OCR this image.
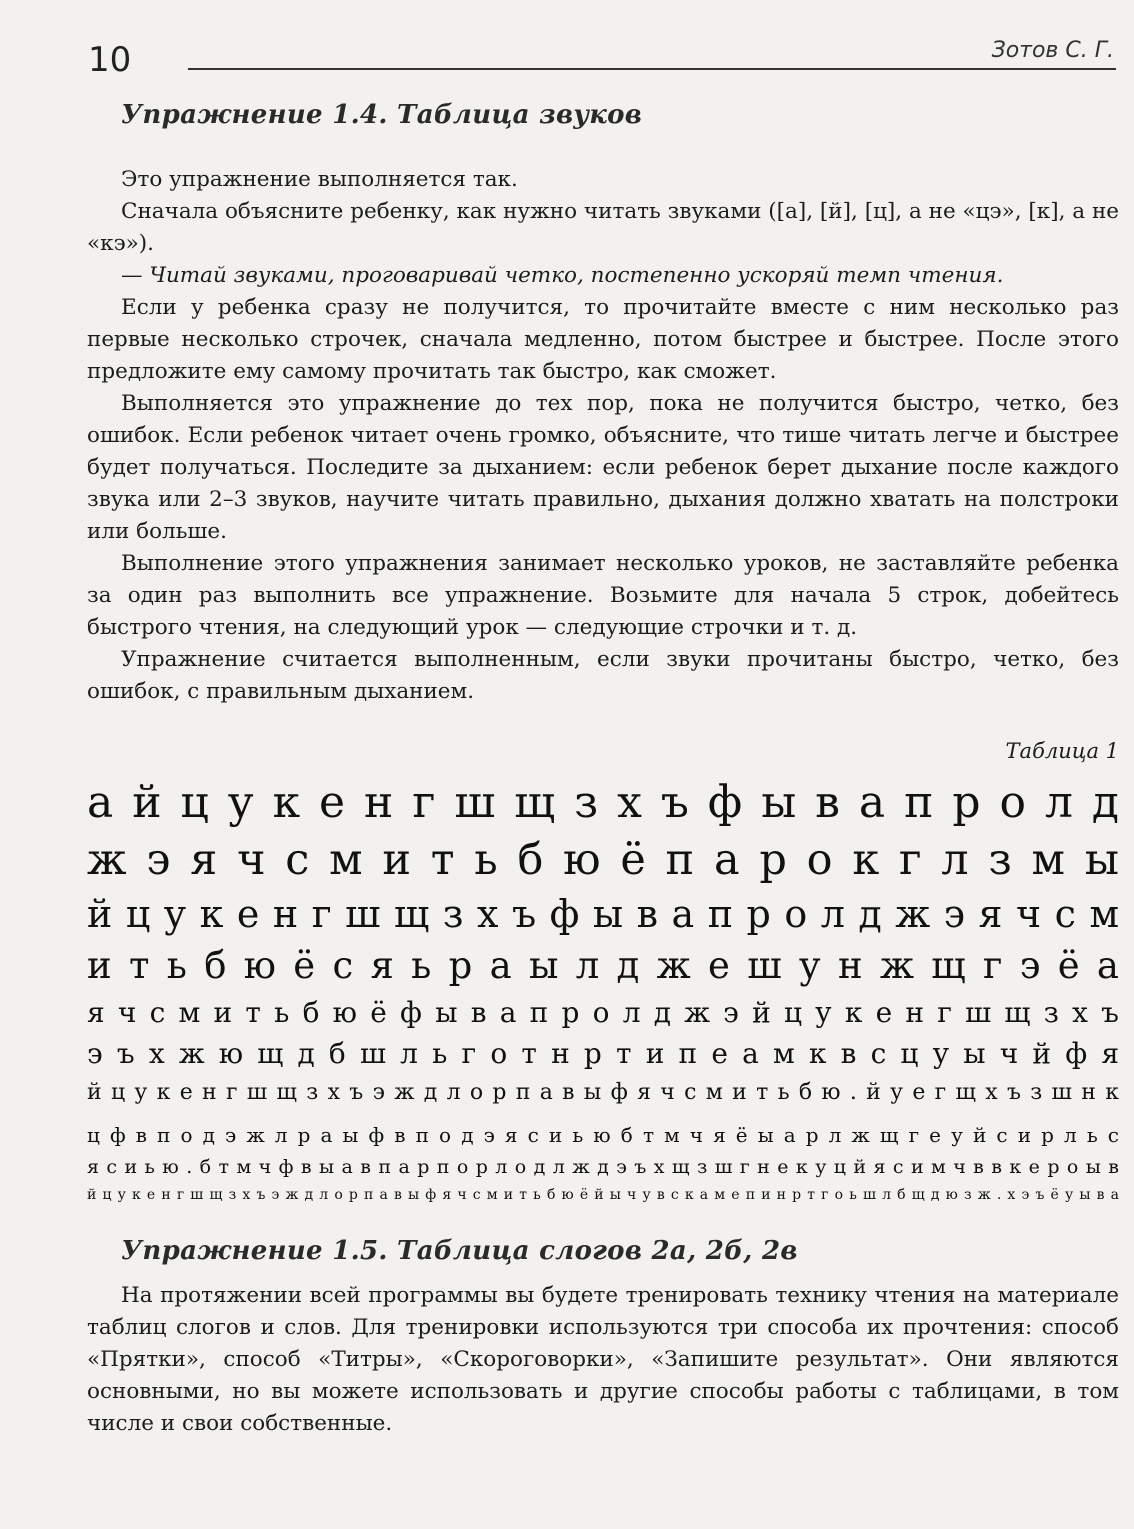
10	Зотов С. Г.
Упражнение 1.4. Таблица звуков

Это упражнение выполняется так.

Сначала объясните ребенку, как нужно читать звуками ([а], [й], [ц], а не «цэ», [к], а не «кэ»).

— Читай звуками, проговаривай четко, постепенно ускоряй темп чтения.

Если у ребенка сразу не получится, то прочитайте вместе с ним несколько раз первые несколько строчек, сначала медленно, потом быстрее и быстрее. После этого предложите ему самому прочитать так быстро, как сможет.

Выполняется это упражнение до тех пор, пока не получится быстро, четко, без ошибок. Если ребенок читает очень громко, объясните, что тише читать легче и быстрее будет получаться. Последите за дыханием: если ребенок берет дыхание после каждого звука или 2–3 звуков, научите читать правильно, дыхания должно хватать на полстроки или больше.

Выполнение этого упражнения занимает несколько уроков, не заставляйте ребенка за один раз выполнить все упражнение. Возьмите для начала 5 строк, добейтесь быстрого чтения, на следующий урок — следующие строчки и т. д.

Упражнение считается выполненным, если звуки прочитаны быстро, четко, без ошибок, с правильным дыханием.

Таблица 1
а й ц у к е н г ш щ з х ъ ф ы в а п р о л д
ж э я ч с м и т ь б ю ё п а р о к г л з м ы
й ц у к е н г ш щ з х ъ ф ы в а п р о л д ж э я ч с м
и т ь б ю ё с я ь р а ы л д ж е ш у н ж щ г э ё а
я ч с м и т ь б ю ё ф ы в а п р о л д ж э й ц у к е н г ш щ з х ъ
э ъ х ж ю щ д б ш л ь г о т н р т и п е а м к в с ц у ы ч й ф я
й ц у к е н г ш щ з х ъ э ж д л о р п а в ы ф я ч с м и т ь б ю . й у е г щ х ъ з ш н к
ц ф в п о д э ж л р а ы ф в п о д э я с и ь ю б т м ч я ё ы а р л ж щ г е у й с и р л ь с
я с и ь ю . б т м ч ф в ы а в п а р п о р л о д л ж д э ъ х щ з ш г н е к у ц й я с и м ч в в к е р о ы в
й ц у к е н г ш щ з х ъ э ж д л о р п а в ы ф я ч с м и т ь б ю ё й ы ч у в с к а м е п и н р т г о ь ш л б щ д ю з ж . х э ъ ё у ы в а
Упражнение 1.5. Таблица слогов 2а, 2б, 2в

На протяжении всей программы вы будете тренировать технику чтения на материале таблиц слогов и слов. Для тренировки используются три способа их прочтения: способ «Прятки», способ «Титры», «Скороговорки», «Запишите результат». Они являются основными, но вы можете использовать и другие способы работы с таблицами, в том числе и свои собственные.
